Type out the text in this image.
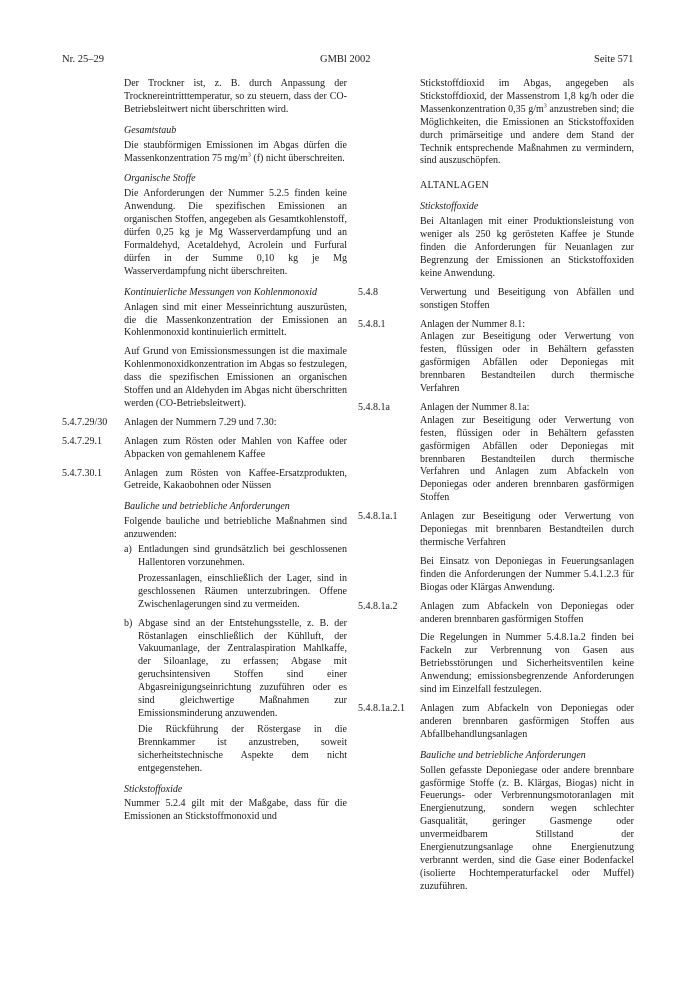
Nr. 25–29	GMBl 2002	Seite 571

Der Trockner ist, z. B. durch Anpassung der Trocknereintritttemperatur, so zu steuern, dass der CO-Betriebsleitwert nicht überschritten wird.

Gesamtstaub

Die staubförmigen Emissionen im Abgas dürfen die Massenkonzentration 75 $mg/m^3$ (f) nicht überschreiten.

Organische Stoffe

Die Anforderungen der Nummer 5.2.5 finden keine Anwendung. Die spezifischen Emissionen an organischen Stoffen, angegeben als Gesamtkohlenstoff, dürfen 0,25 kg je Mg Wasserverdampfung und an Formaldehyd, Acetaldehyd, Acrolein und Furfural dürfen in der Summe 0,10 kg je Mg Wasserverdampfung nicht überschreiten.

Kontinuierliche Messungen von Kohlenmonoxid

Anlagen sind mit einer Messeinrichtung auszurüsten, die die Massenkonzentration der Emissionen an Kohlenmonoxid kontinuierlich ermittelt.

Auf Grund von Emissionsmessungen ist die maximale Kohlenmonoxidkonzentration im Abgas so festzulegen, dass die spezifischen Emissionen an organischen Stoffen und an Aldehyden im Abgas nicht überschritten werden (CO-Betriebsleitwert).

5.4.7.29/30	Anlagen der Nummern 7.29 und 7.30:
5.4.7.29.1	Anlagen zum Rösten oder Mahlen von Kaffee oder Abpacken von gemahlenem Kaffee
5.4.7.30.1	Anlagen zum Rösten von Kaffee-Ersatzprodukten, Getreide, Kakaobohnen oder Nüssen
Bauliche und betriebliche Anforderungen

Folgende bauliche und betriebliche Maßnahmen sind anzuwenden:

a) Entladungen sind grundsätzlich bei geschlossenen Hallentoren vorzunehmen.

Prozessanlagen, einschließlich der Lager, sind in geschlossenen Räumen unterzubringen. Offene Zwischenlagerungen sind zu vermeiden.

b) Abgase sind an der Entstehungsstelle, z. B. der Röstanlagen einschließlich der Kühlluft, der Vakuumanlage, der Zentralaspiration Mahlkaffe, der Siloanlage, zu erfassen; Abgase mit geruchsintensiven Stoffen sind einer Abgasreinigungseinrichtung zuzuführen oder es sind gleichwertige Maßnahmen zur Emissionsminderung anzuwenden.

Die Rückführung der Röstergase in die Brennkammer ist anzustreben, soweit sicherheitstechnische Aspekte dem nicht entgegenstehen.

Stickstoffoxide

Nummer 5.2.4 gilt mit der Maßgabe, dass für die Emissionen an Stickstoffmonoxid und

Stickstoffdioxid im Abgas, angegeben als Stickstoffdioxid, der Massenstrom 1,8 kg/h oder die Massenkonzentration 0,35 $g/m^3$ anzustreben sind; die Möglichkeiten, die Emissionen an Stickstoffoxiden durch primärseitige und andere dem Stand der Technik entsprechende Maßnahmen zu vermindern, sind auszuschöpfen.

ALTANLAGEN
Stickstoffoxide

Bei Altanlagen mit einer Produktionsleistung von weniger als 250 kg gerösteten Kaffee je Stunde finden die Anforderungen für Neuanlagen zur Begrenzung der Emissionen an Stickstoffoxiden keine Anwendung.

5.4.8	Verwertung und Beseitigung von Abfällen und sonstigen Stoffen
5.4.8.1	Anlagen der Nummer 8.1:
Anlagen zur Beseitigung oder Verwertung von festen, flüssigen oder in Behältern gefassten gasförmigen Abfällen oder Deponiegas mit brennbaren Bestandteilen durch thermische Verfahren
5.4.8.1a	Anlagen der Nummer 8.1a:
Anlagen zur Beseitigung oder Verwertung von festen, flüssigen oder in Behältern gefassten gasförmigen Abfällen oder Deponiegas mit brennbaren Bestandteilen durch thermische Verfahren und Anlagen zum Abfackeln von Deponiegas oder anderen brennbaren gasförmigen Stoffen
5.4.8.1a.1	Anlagen zur Beseitigung oder Verwertung von Deponiegas mit brennbaren Bestandteilen durch thermische Verfahren

Bei Einsatz von Deponiegas in Feuerungsanlagen finden die Anforderungen der Nummer 5.4.1.2.3 für Biogas oder Klärgas Anwendung.

5.4.8.1a.2	Anlagen zum Abfackeln von Deponiegas oder anderen brennbaren gasförmigen Stoffen

Die Regelungen in Nummer 5.4.8.1a.2 finden bei Fackeln zur Verbrennung von Gasen aus Betriebsstörungen und Sicherheitsventilen keine Anwendung; emissionsbegrenzende Anforderungen sind im Einzelfall festzulegen.

5.4.8.1a.2.1	Anlagen zum Abfackeln von Deponiegas oder anderen brennbaren gasförmigen Stoffen aus Abfallbehandlungsanlagen
Bauliche und betriebliche Anforderungen

Sollen gefasste Deponiegase oder andere brennbare gasförmige Stoffe (z. B. Klärgas, Biogas) nicht in Feuerungs- oder Verbrennungsmotoranlagen mit Energienutzung, sondern wegen schlechter Gasqualität, geringer Gasmenge oder unvermeidbarem Stillstand der Energienutzungsanlage ohne Energienutzung verbrannt werden, sind die Gase einer Bodenfackel (isolierte Hochtemperaturfackel oder Muffel) zuzuführen.
